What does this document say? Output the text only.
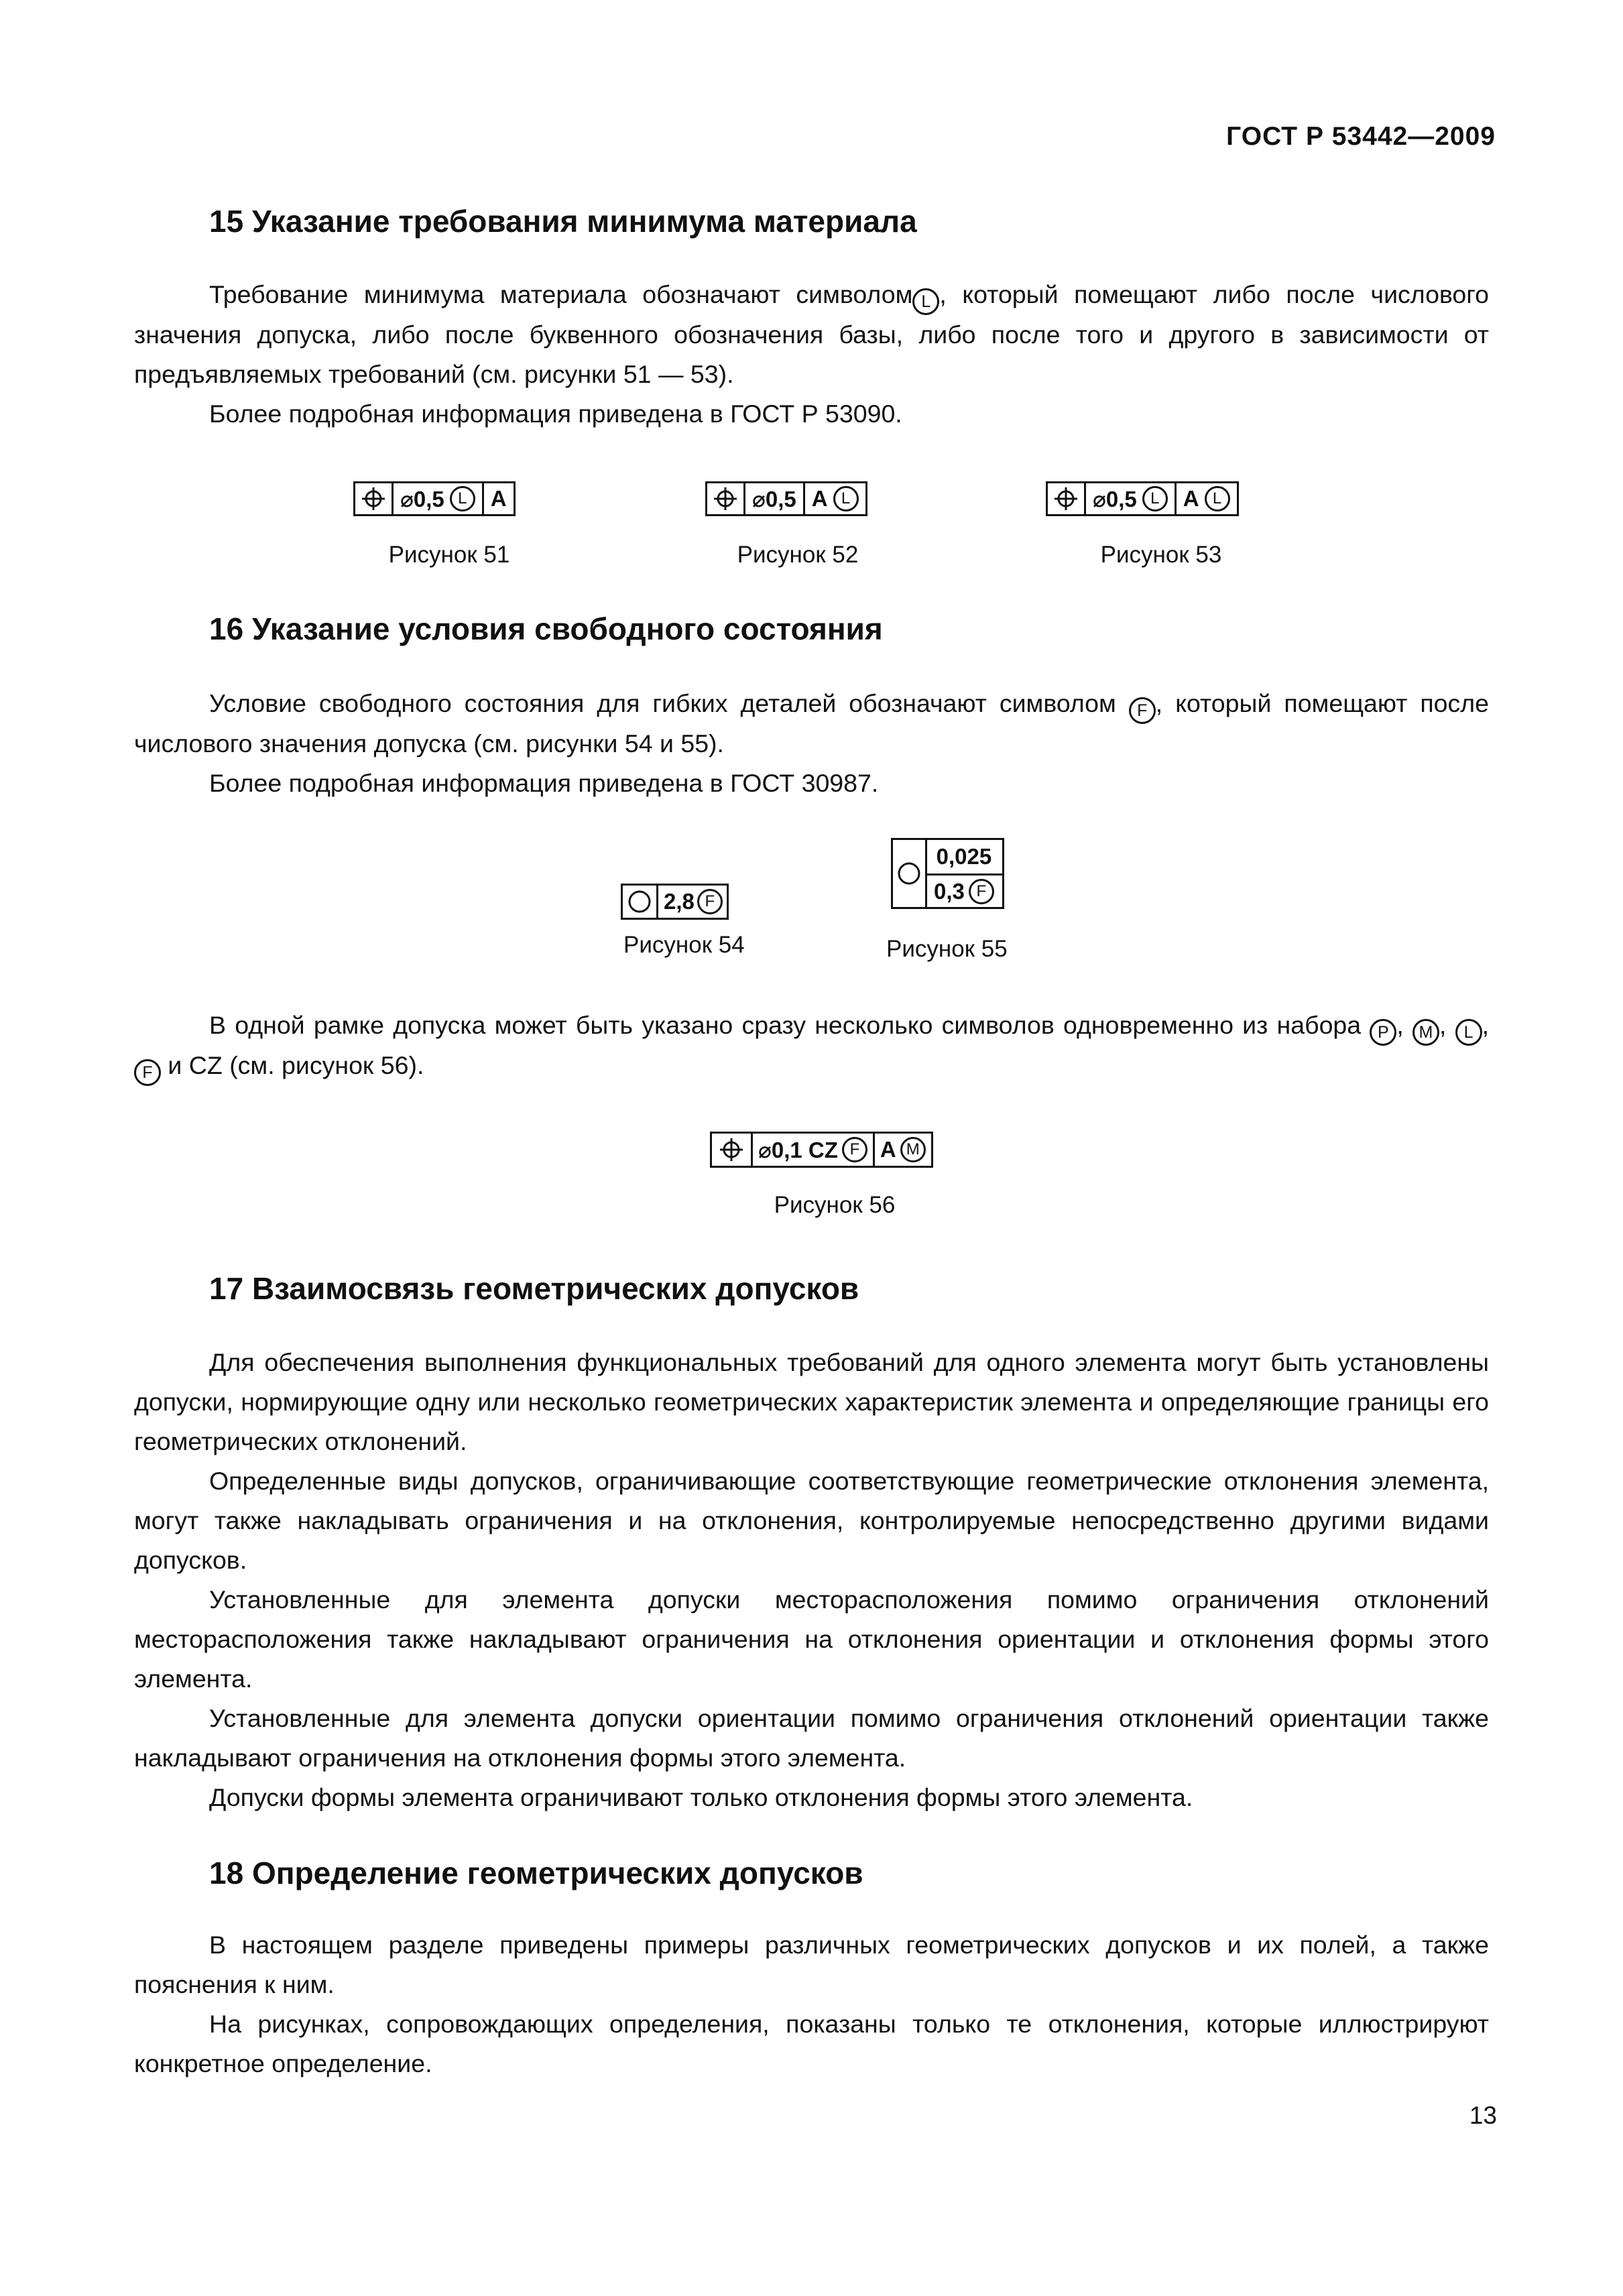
ГОСТ Р 53442—2009
15 Указание требования минимума материала

Требование минимума материала обозначают символом L , который помещают либо после числового значения допуска, либо после буквенного обозначения базы, либо после того и другого в зависимости от предъявляемых требований (см. рисунки 51 — 53).

Более подробная информация приведена в ГОСТ Р 53090.

⌀0,5 L	A
Рисунок 51
⌀0,5 A L
Рисунок 52
⌀0,5 L	A L
Рисунок 53
16 Указание условия свободного состояния

Условие свободного состояния для гибких деталей обозначают символом F , который помещают после числового значения допуска (см. рисунки 54 и 55).

Более подробная информация приведена в ГОСТ 30987.

2,8 F
Рисунок 54
0,025
0,3 F
Рисунок 55

В одной рамке допуска может быть указано сразу несколько символов одновременно из набора P , M , L , F и CZ (см. рисунок 56).

⌀0,1 CZ F A M
Рисунок 56
17 Взаимосвязь геометрических допусков

Для обеспечения выполнения функциональных требований для одного элемента могут быть установлены допуски, нормирующие одну или несколько геометрических характеристик элемента и определяющие границы его геометрических отклонений.

Определенные виды допусков, ограничивающие соответствующие геометрические отклонения элемента, могут также накладывать ограничения и на отклонения, контролируемые непосредственно другими видами допусков.

Установленные для элемента допуски месторасположения помимо ограничения отклонений месторасположения также накладывают ограничения на отклонения ориентации и отклонения формы этого элемента.

Установленные для элемента допуски ориентации помимо ограничения отклонений ориентации также накладывают ограничения на отклонения формы этого элемента.

Допуски формы элемента ограничивают только отклонения формы этого элемента.

18 Определение геометрических допусков

В настоящем разделе приведены примеры различных геометрических допусков и их полей, а также пояснения к ним.

На рисунках, сопровождающих определения, показаны только те отклонения, которые иллюстрируют конкретное определение.

13
